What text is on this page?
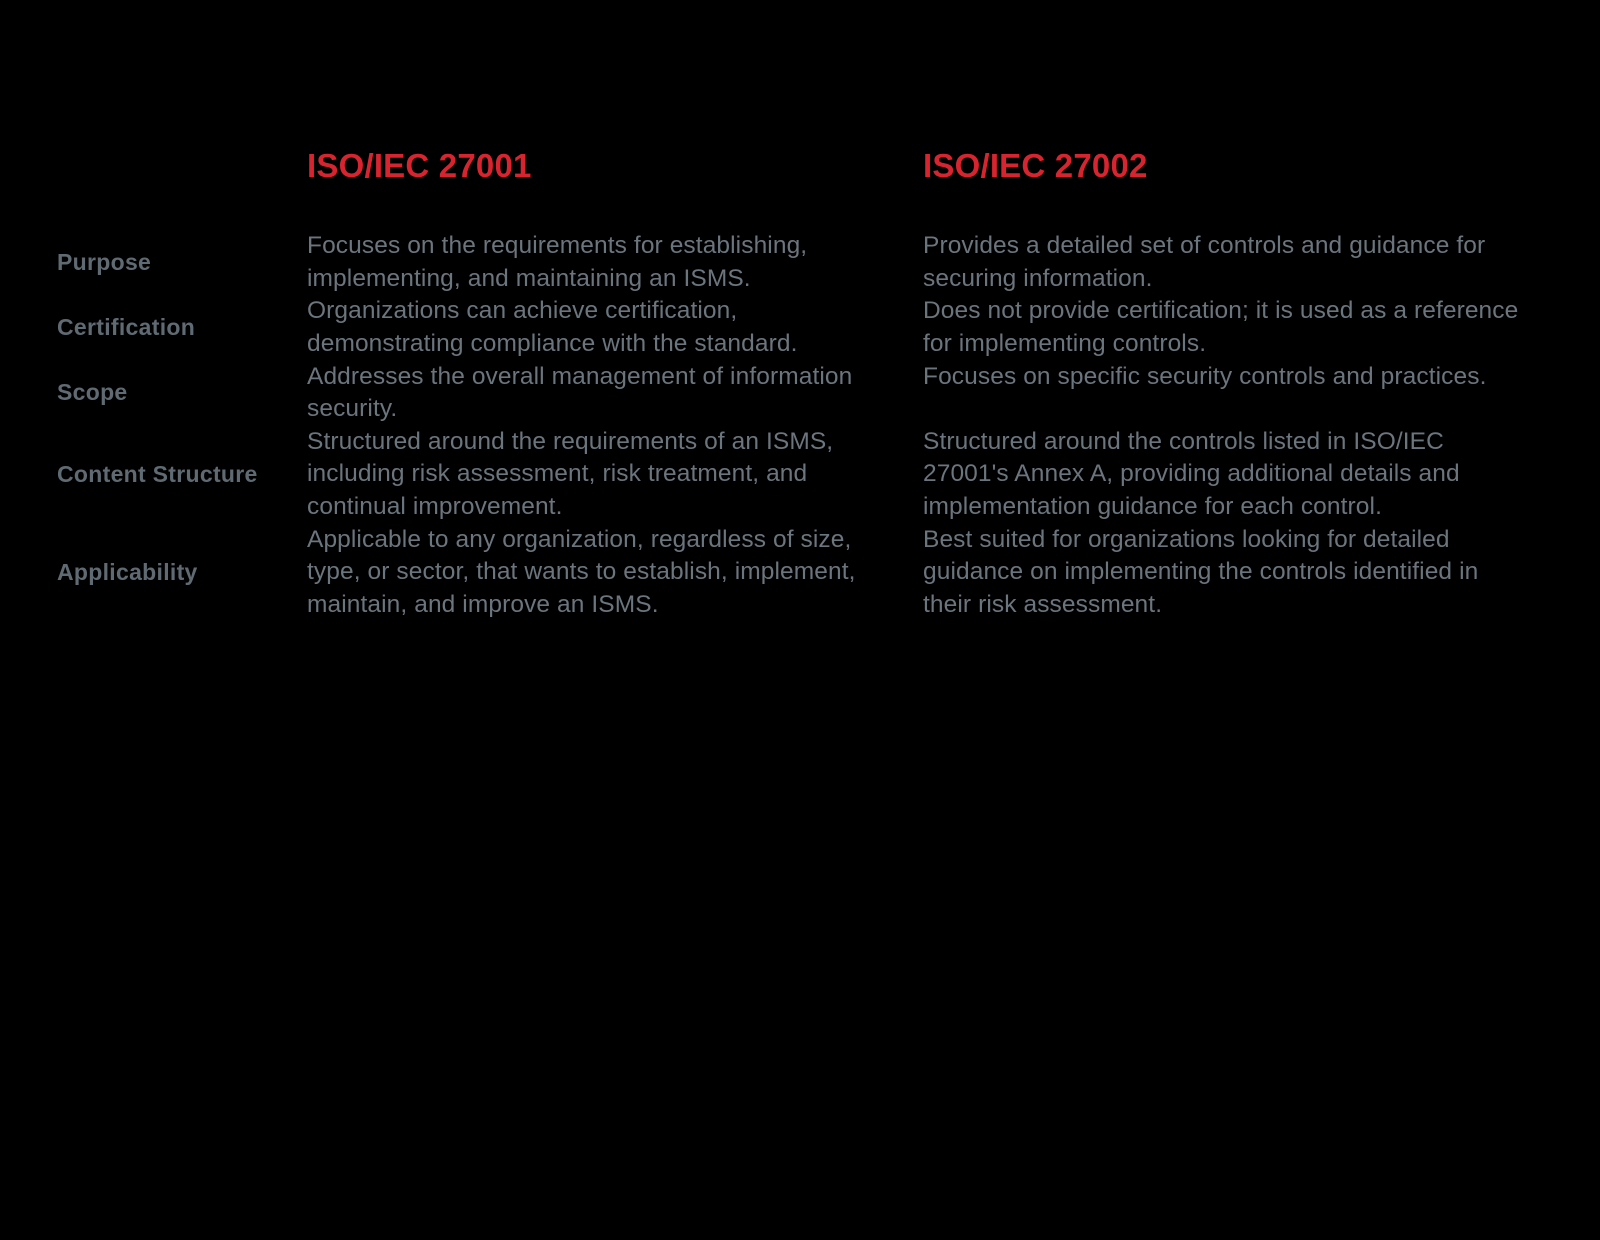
ISO/IEC 27001	ISO/IEC 27002
Purpose
Focuses on the requirements for establishing, implementing, and maintaining an ISMS.
Provides a detailed set of controls and guidance for securing information.
Certification
Organizations can achieve certification, demonstrating compliance with the standard.
Does not provide certification; it is used as a reference for implementing controls.
Scope
Addresses the overall management of information security.
Focuses on specific security controls and practices.
Content Structure
Structured around the requirements of an ISMS, including risk assessment, risk treatment, and continual improvement.
Structured around the controls listed in ISO/IEC 27001's Annex A, providing additional details and implementation guidance for each control.
Applicability
Applicable to any organization, regardless of size, type, or sector, that wants to establish, implement, maintain, and improve an ISMS.
Best suited for organizations looking for detailed guidance on implementing the controls identified in their risk assessment.
